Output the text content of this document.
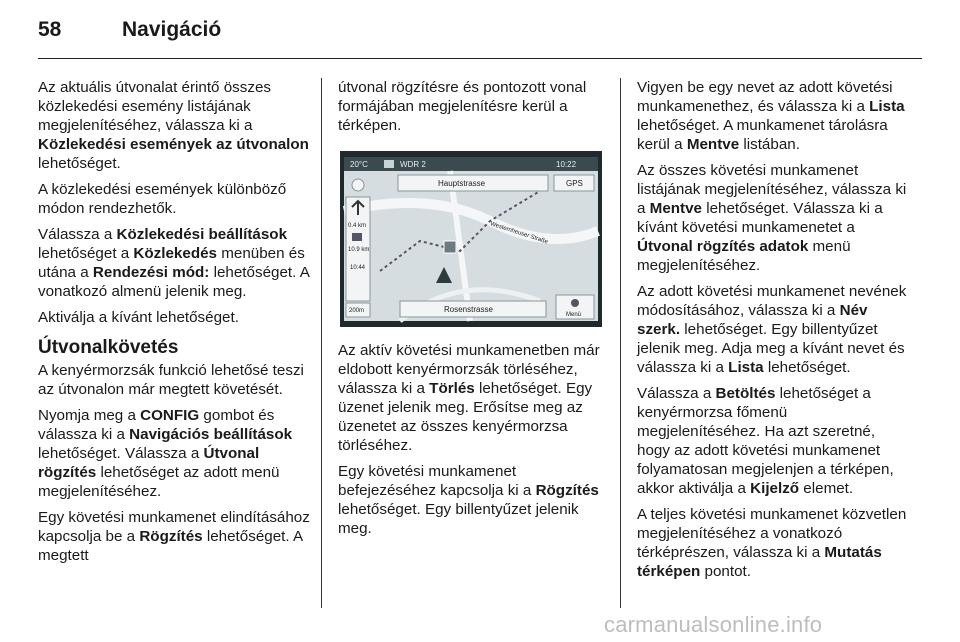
58	Navigáció

Az aktuális útvonalat érintő összes közlekedési esemény listájának megjelenítéséhez, válassza ki a Közlekedési események az útvonalon lehetőséget.

A közlekedési események különböző módon rendezhetők.

Válassza a Közlekedési beállítások lehetőséget a Közlekedés menüben és utána a Rendezési mód: lehetőséget. A vonatkozó almenü jelenik meg.

Aktiválja a kívánt lehetőséget.

Útvonalkövetés

A kenyérmorzsák funkció lehetősé teszi az útvonalon már megtett követését.

Nyomja meg a CONFIG gombot és válassza ki a Navigációs beállítások lehetőséget. Válassza a Útvonal rögzítés lehetőséget az adott menü megjelenítéséhez.

Egy követési munkamenet elindításához kapcsolja be a Rögzítés lehetőséget. A megtett

útvonal rögzítésre és pontozott vonal formájában megjelenítésre kerül a térképen.

20°C	WDR 2	10:22
Westernheuser Straße
Hauptstrasse	GPS
0.4 km
10.9 km
10:44
200m	Rosenstrasse
Menü

Az aktív követési munkamenetben már eldobott kenyérmorzsák törléséhez, válassza ki a Törlés lehetőséget. Egy üzenet jelenik meg. Erősítse meg az üzenetet az összes kenyérmorzsa törléséhez.

Egy követési munkamenet befejezéséhez kapcsolja ki a Rögzítés lehetőséget. Egy billentyűzet jelenik meg.

Vigyen be egy nevet az adott követési munkamenethez, és válassza ki a Lista lehetőséget. A munkamenet tárolásra kerül a Mentve listában.

Az összes követési munkamenet listájának megjelenítéséhez, válassza ki a Mentve lehetőséget. Válassza ki a kívánt követési munkamenetet a Útvonal rögzítés adatok menü megjelenítéséhez.

Az adott követési munkamenet nevének módosításához, válassza ki a Név szerk. lehetőséget. Egy billentyűzet jelenik meg. Adja meg a kívánt nevet és válassza ki a Lista lehetőséget.

Válassza a Betöltés lehetőséget a kenyérmorzsa főmenü megjelenítéséhez. Ha azt szeretné, hogy az adott követési munkamenet folyamatosan megjelenjen a térképen, akkor aktiválja a Kijelző elemet.

A teljes követési munkamenet közvetlen megjelenítéséhez a vonatkozó térképrészen, válassza ki a Mutatás térképen pontot.

carmanualsonline.info
